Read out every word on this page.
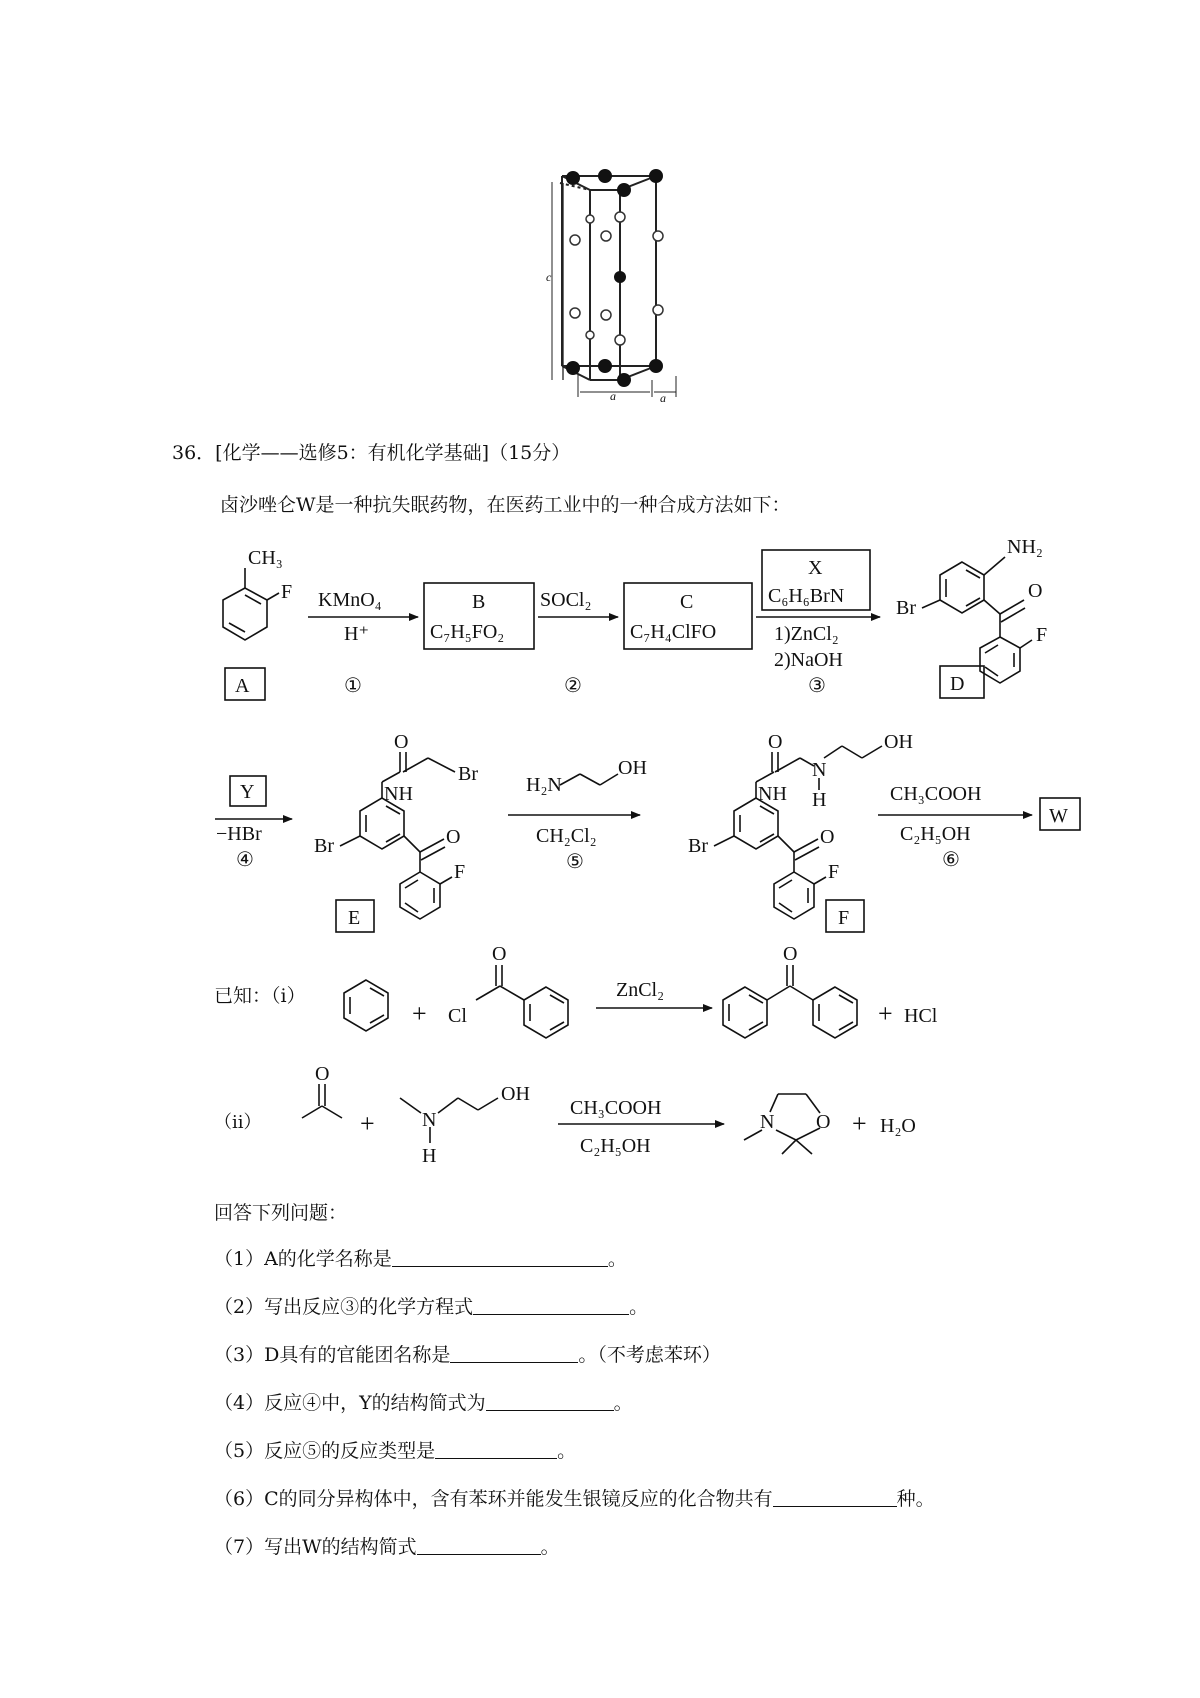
c
a	a
36．[化学——选修5：有机化学基础]（15分）
卤沙唑仑W是一种抗失眠药物，在医药工业中的一种合成方法如下：
CH₃
F
A
KMnO₄
H⁺
①
B
C₇H₅FO₂
SOCl₂
②
C
C₇H₄ClFO
X
C₆H₆BrN
1)ZnCl₂
2)NaOH
③
NH₂
Br
O
F
D
Y
−HBr
④
O
Br
NH
Br	O
F
E
H₂N
OH
CH₂Cl₂
⑤
O
N
H
OH
NH
Br	O
F
F
CH₃COOH
C₂H₅OH
⑥
W
+ Cl
O
ZnCl₂
O
+ HCl
O
+ N
H
OH
CH₃COOH
C₂H₅OH
N O + H₂O
（ⅱ）
已知：（ⅰ）
回答下列问题：
（1）A的化学名称是	。
（2）写出反应③的化学方程式	。
（3）D具有的官能团名称是	。（不考虑苯环）
（4）反应④中，Y的结构简式为	。
（5）反应⑤的反应类型是	。
（6）C的同分异构体中，含有苯环并能发生银镜反应的化合物共有	种。
（7）写出W的结构简式	。
